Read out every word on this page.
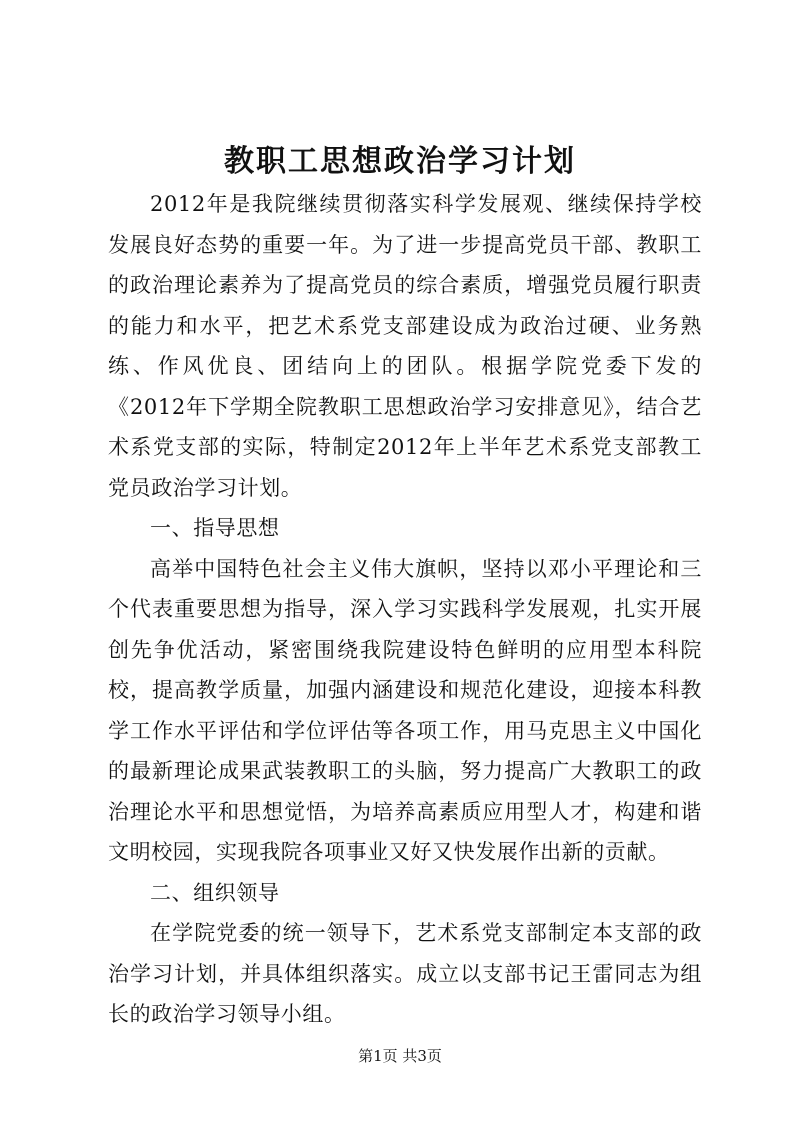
教职工思想政治学习计划

2012年是我院继续贯彻落实科学发展观、继续保持学校发展良好态势的重要一年。为了进一步提高党员干部、教职工的政治理论素养为了提高党员的综合素质，增强党员履行职责的能力和水平，把艺术系党支部建设成为政治过硬、业务熟练、作风优良、团结向上的团队。根据学院党委下发的《2012年下学期全院教职工思想政治学习安排意见》，结合艺术系党支部的实际，特制定2012年上半年艺术系党支部教工党员政治学习计划。

一、指导思想

高举中国特色社会主义伟大旗帜，坚持以邓小平理论和三个代表重要思想为指导，深入学习实践科学发展观，扎实开展创先争优活动，紧密围绕我院建设特色鲜明的应用型本科院校，提高教学质量，加强内涵建设和规范化建设，迎接本科教学工作水平评估和学位评估等各项工作，用马克思主义中国化的最新理论成果武装教职工的头脑，努力提高广大教职工的政治理论水平和思想觉悟，为培养高素质应用型人才，构建和谐文明校园，实现我院各项事业又好又快发展作出新的贡献。

二、组织领导

在学院党委的统一领导下，艺术系党支部制定本支部的政治学习计划，并具体组织落实。成立以支部书记王雷同志为组长的政治学习领导小组。

第1页 共3页
